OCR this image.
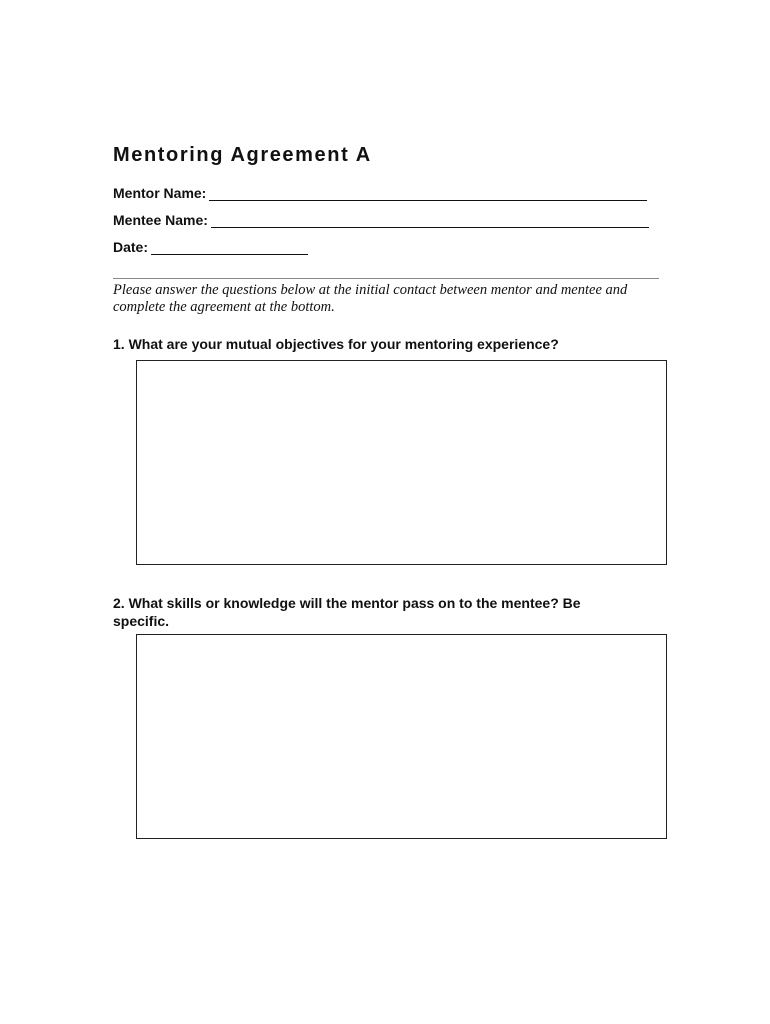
Mentoring Agreement A
Mentor Name:
Mentee Name:
Date:
Please answer the questions below at the initial contact between mentor and mentee and
complete the agreement at the bottom.
1. What are your mutual objectives for your mentoring experience?
2. What skills or knowledge will the mentor pass on to the mentee? Be
specific.
